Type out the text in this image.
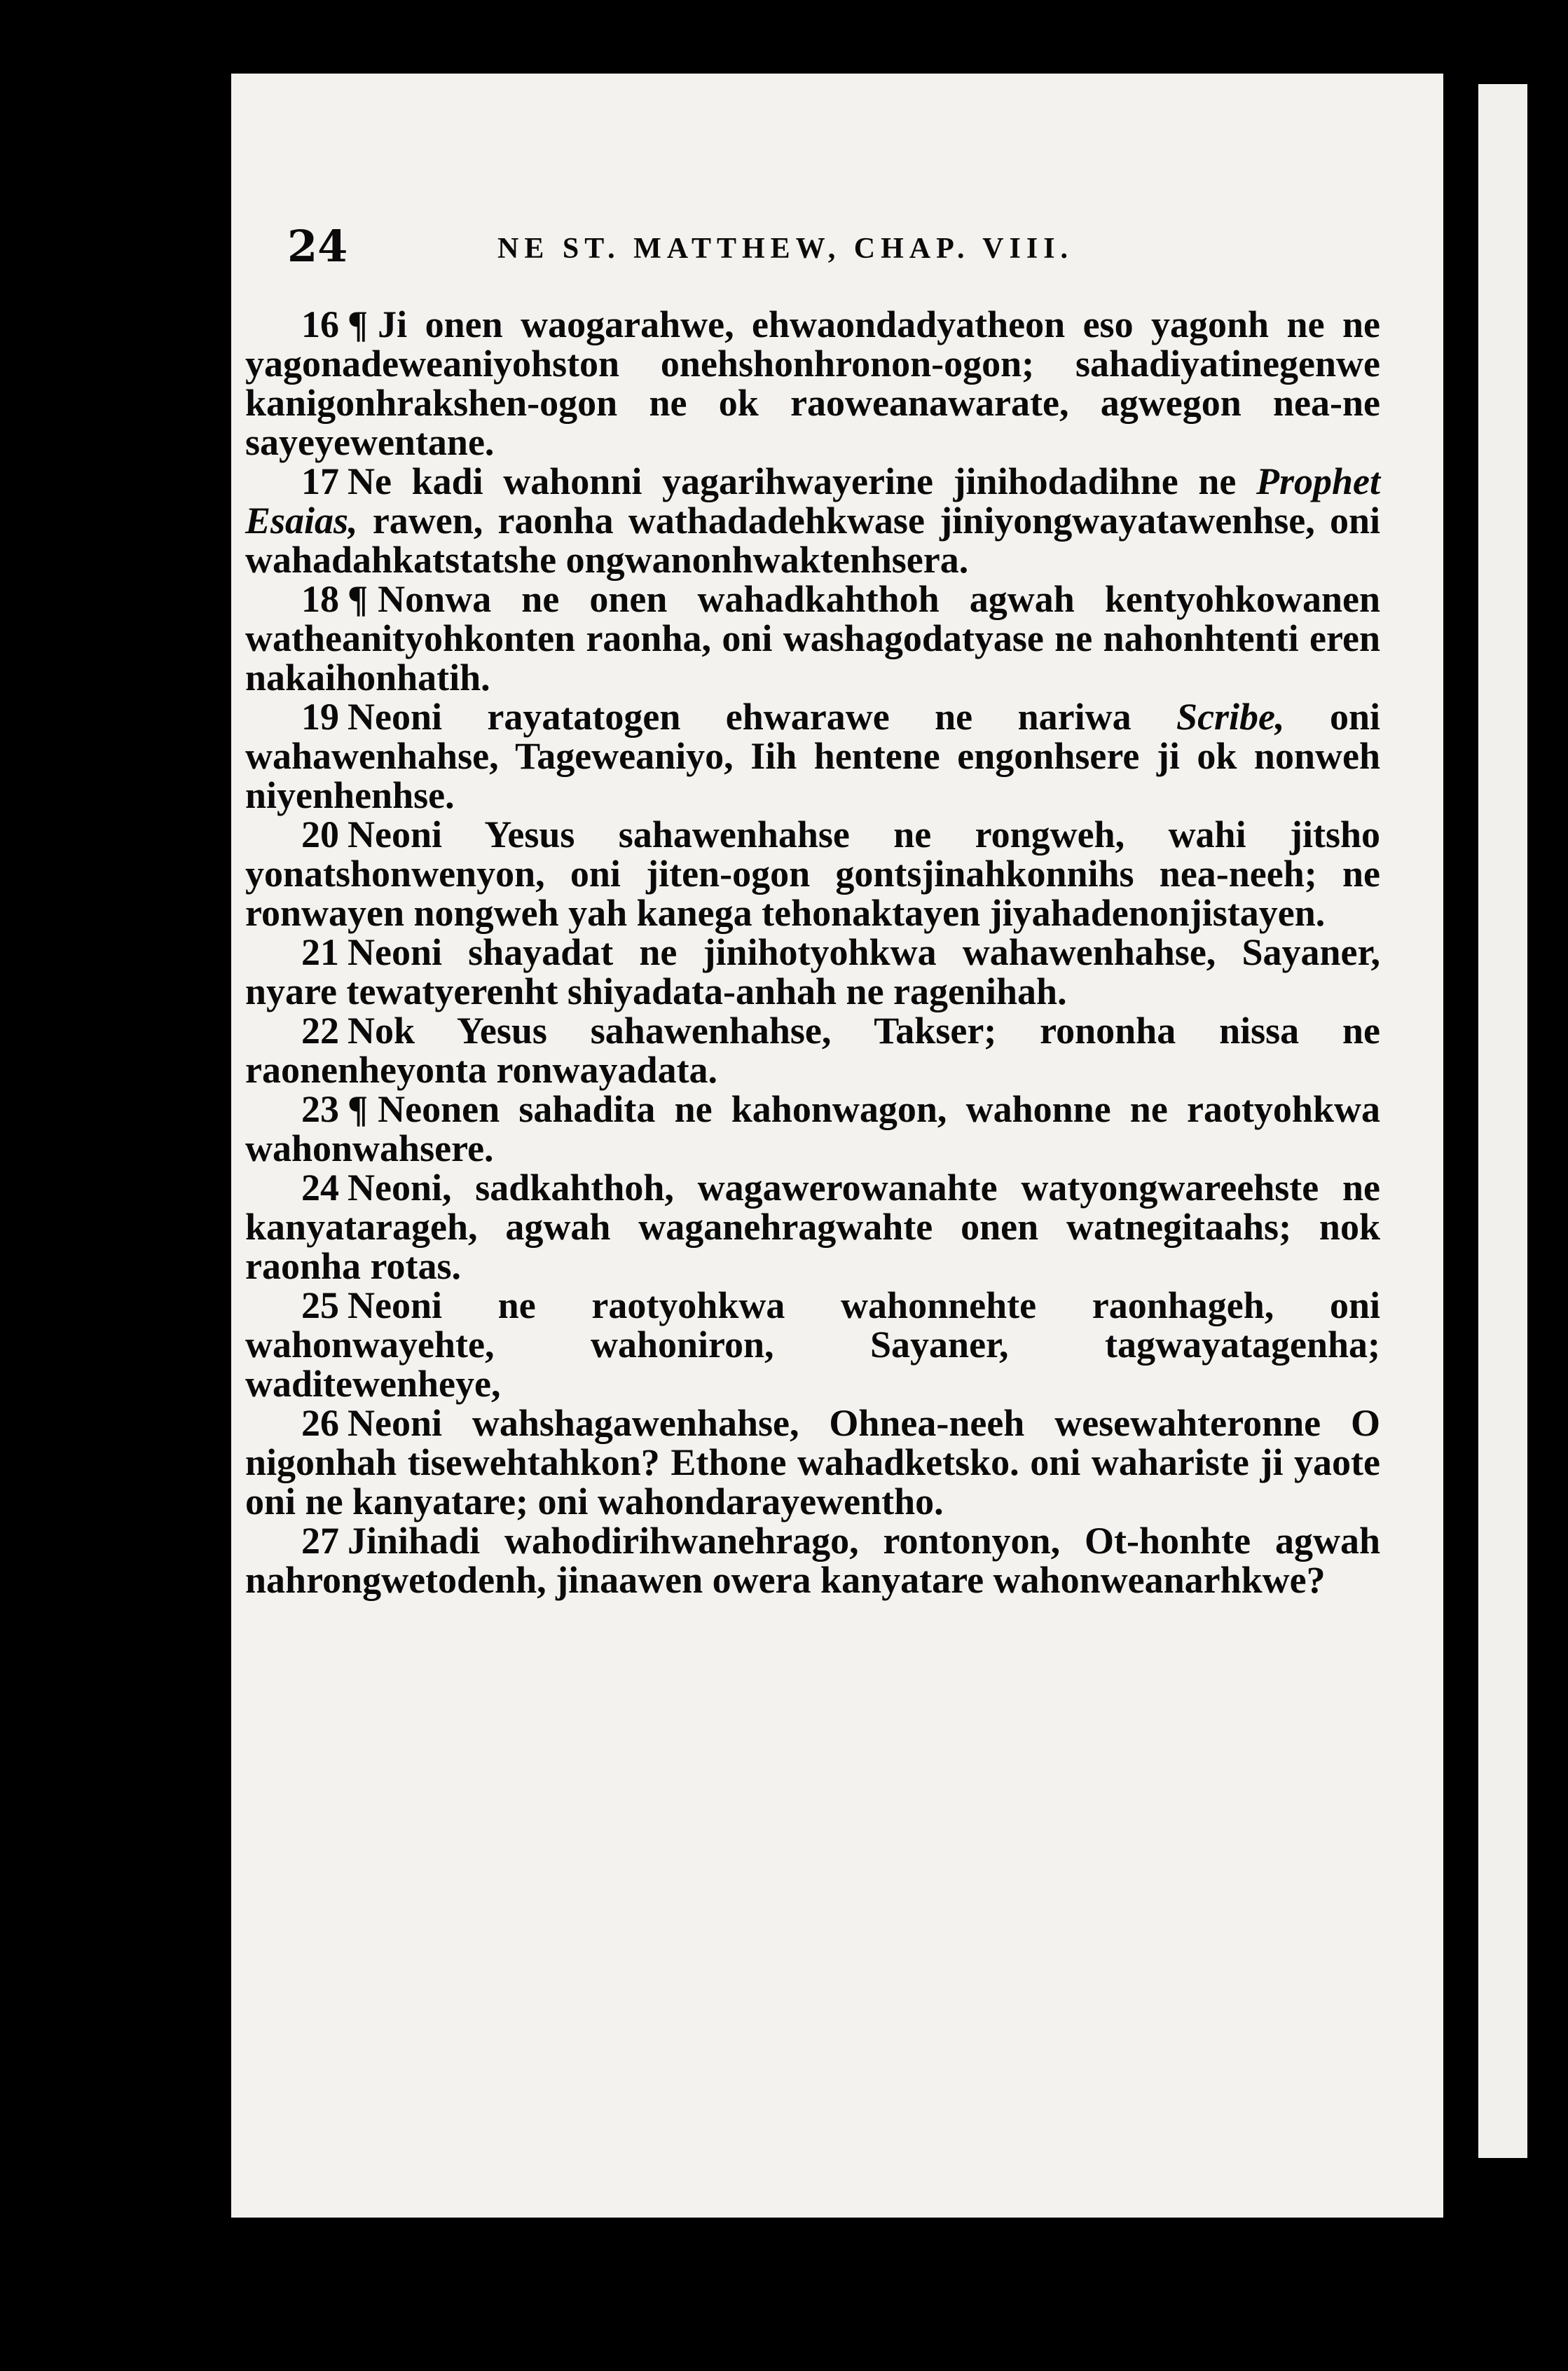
24	NE ST. MATTHEW, CHAP. VIII.

16 ¶ Ji onen waogarahwe, ehwaondadyatheon eso yagonh ne ne yagonadeweaniyohston onehshonhronon-ogon; sahadiyatinegenwe kanigonhrakshen-ogon ne ok raoweanawarate, agwegon nea-ne sayeyewentane.

17 Ne kadi wahonni yagarihwayerine jinihodadihne ne Prophet Esaias, rawen, raonha wathadadehkwase jiniyongwayatawenhse, oni wahadahkatstatshe ongwanonhwaktenhsera.

18 ¶ Nonwa ne onen wahadkahthoh agwah kentyohkowanen watheanityohkonten raonha, oni washagodatyase ne nahonhtenti eren nakaihonhatih.

19 Neoni rayatatogen ehwarawe ne nariwa Scribe, oni wahawenhahse, Tageweaniyo, Iih hentene engonhsere ji ok nonweh niyenhenhse.

20 Neoni Yesus sahawenhahse ne rongweh, wahi jitsho yonatshonwenyon, oni jiten-ogon gontsjinahkonnihs nea-neeh; ne ronwayen nongweh yah kanega tehonaktayen jiyahadenonjistayen.

21 Neoni shayadat ne jinihotyohkwa wahawenhahse, Sayaner, nyare tewatyerenht shiyadata-anhah ne ragenihah.

22 Nok Yesus sahawenhahse, Takser; rononha nissa ne raonenheyonta ronwayadata.

23 ¶ Neonen sahadita ne kahonwagon, wahonne ne raotyohkwa wahonwahsere.

24 Neoni, sadkahthoh, wagawerowanahte watyongwareehste ne kanyatarageh, agwah waganehragwahte onen watnegitaahs; nok raonha rotas.

25 Neoni ne raotyohkwa wahonnehte raonhageh, oni wahonwayehte, wahoniron, Sayaner, tagwayatagenha; waditewenheye,

26 Neoni wahshagawenhahse, Ohnea-neeh wesewahteronne O nigonhah tisewehtahkon? Ethone wahadketsko. oni wahariste ji yaote oni ne kanyatare; oni wahondarayewentho.

27 Jinihadi wahodirihwanehrago, rontonyon, Ot-honhte agwah nahrongwetodenh, jinaawen owera kanyatare wahonweanarhkwe?
